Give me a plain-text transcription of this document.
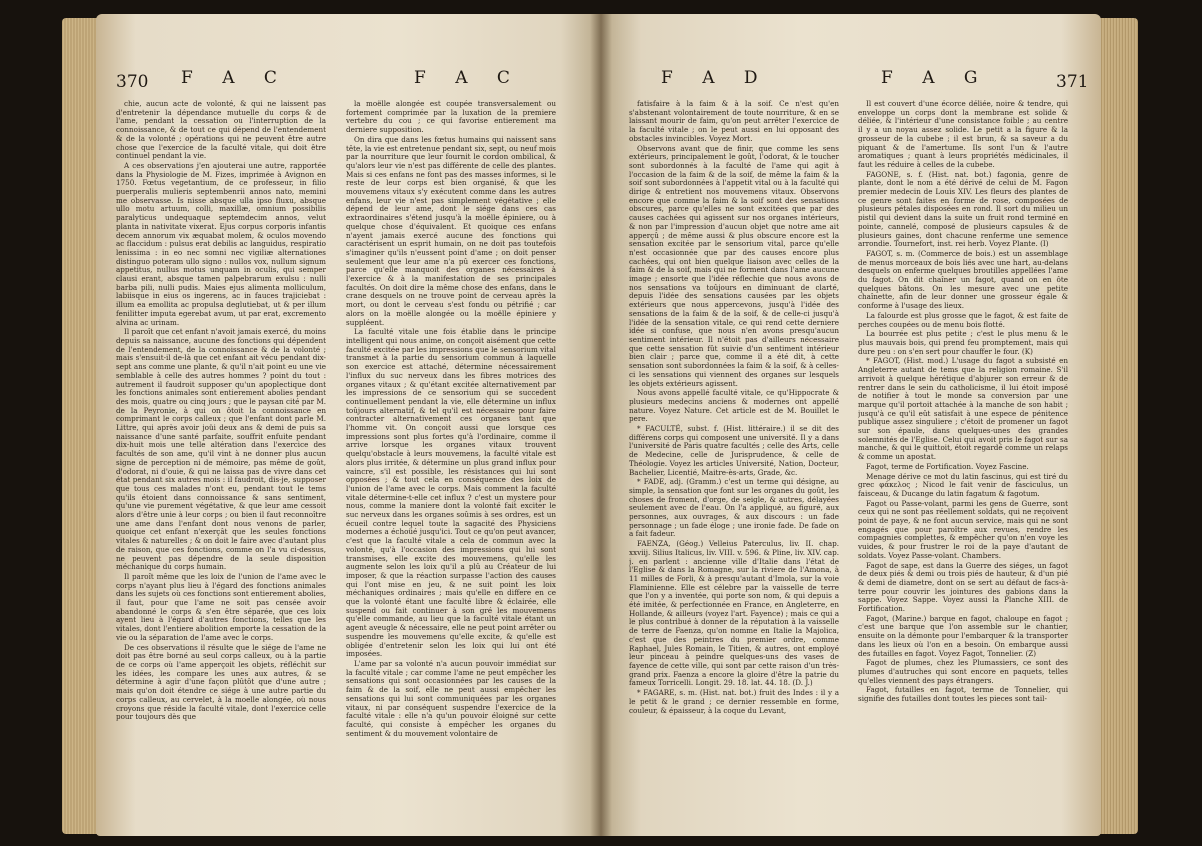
370 F A C	F A C

chie, aucun acte de volonté, & qui ne laissent pas d'entretenir la dépendance mutuelle du corps & de l'ame, pendant la cessation ou l'interruption de la connoissance, & de tout ce qui dépend de l'entendement & de la volonté ; opérations qui ne peuvent être autre chose que l'exercice de la faculté vitale, qui doit être continuel pendant la vie.

A ces observations j'en ajouterai une autre, rapportée dans la Physiologie de M. Fizes, imprimée à Avignon en 1750. Fœtus vegetantium, de ce professeur, in filio puerperalis mulieris septembenrii annos nato, memini me observasse. Is nisse absque ulla ipso fluxu, absque ullo motu artuum, colli, maxillæ, omnium possibilis paralyticus undequaque septemdecim annos, velut planta in nativitate vixerat. Ejus corpus corporis infantis decem annorum vix æquabat molem, & oculos movendo ac flaccidum : pulsus erat debilis ac languidus, respiratio lenissima : in eo nec somni nec vigiliæ alternationes distinguo poteram ullo signo : nullos vox, nullum signum appetitus, nullus motus unquam in oculis, qui semper clausi erant, absque tamen palpebrarum exulsu : nulli barba pili, nulli pudis. Maies ejus alimenta molliculum, labiisque in eius os ingerens, ac in fauces trajiciebat : illum ea emollita ac propulsa deglutiebat, ut & per illum fenilitter imputa egerebat avum, ut par erat, excremento alvina ac urinam.

Il paroît que cet enfant n'avoit jamais exercé, du moins depuis sa naissance, aucune des fonctions qui dépendent de l'entendement, de la connoissance & de la volonté ; mais s'ensuit-il de-là que cet enfant ait vécu pendant dix-sept ans comme une plante, & qu'il n'ait point eu une vie semblable à celle des autres hommes ? point du tout : autrement il faudroit supposer qu'un apoplectique dont les fonctions animales sont entierement abolies pendant des mois, quatre ou cinq jours ; que le paysan cité par M. de la Peyronie, à qui on ôtoit la connoissance en comprimant le corps calleux ; que l'enfant dont parle M. Littre, qui après avoir joüi deux ans & demi de puis sa naissance d'une santé parfaite, souffrit enfuite pendant dix-huit mois une telle altération dans l'exercice des facultés de son ame, qu'il vint à ne donner plus aucun signe de perception ni de mémoire, pas même de goût, d'odorat, ni d'ouie, & qui ne laissa pas de vivre dans cet état pendant six autres mois : il faudroit, dis-je, supposer que tous ces malades n'ont eu, pendant tout le tems qu'ils étoient dans connoissance & sans sentiment, qu'une vie purement végétative, & que leur ame cessoit alors d'être unie à leur corps ; ou bien il faut reconnoître une ame dans l'enfant dont nous venons de parler, quoique cet enfant n'exerçât que les seules fonctions vitales & naturelles ; & on doit le faire avec d'autant plus de raison, que ces fonctions, comme on l'a vu ci-dessus, ne peuvent pas dépendre de la seule disposition méchanique du corps humain.

Il paroît même que les loix de l'union de l'ame avec le corps n'ayant plus lieu à l'égard des fonctions animales dans les sujets où ces fonctions sont entierement abolies, il faut, pour que l'ame ne soit pas censée avoir abandonné le corps & s'en être séparée, que ces loix ayent lieu à l'égard d'autres fonctions, telles que les vitales, dont l'entiere abolition emporte la cessation de la vie ou la séparation de l'ame avec le corps.

De ces observations il résulte que le siége de l'ame ne doit pas être borné au seul corps calleux, ou à la partie de ce corps où l'ame apperçoit les objets, réfléchit sur les idées, les compare les unes aux autres, & se détermine à agir d'une façon plûtôt que d'une autre ; mais qu'on doit étendre ce siége à une autre partie du corps calleux, au cervelet, à la moelle alongée, où nous croyons que réside la faculté vitale, dont l'exercice celle pour toujours dès que

la moëlle alongée est coupée transversalement ou fortement comprimée par la luxation de la premiere vertebre du cou ; ce qui favorise entierement ma derniere supposition.

On dira que dans les fœtus humains qui naissent sans tête, la vie est entretenue pendant six, sept, ou neuf mois par la nourriture que leur fournit le cordon ombilical, & qu'alors leur vie n'est pas différente de celle des plantes. Mais si ces enfans ne font pas des masses informes, si le reste de leur corps est bien organisé, & que les mouvemens vitaux s'y exécutent comme dans les autres enfans, leur vie n'est pas simplement végétative ; elle dépend de leur ame, dont le siége dans ces cas extraordinaires s'étend jusqu'à la moëlle épiniere, ou à quelque chose d'équivalent. Et quoique ces enfans n'ayent jamais exercé aucune des fonctions qui caractérisent un esprit humain, on ne doit pas toutefois s'imaginer qu'ils n'eussent point d'ame ; on doit penser seulement que leur ame n'a pû exercer ces fonctions, parce qu'elle manquoit des organes nécessaires à l'exercice & à la manifestation de ses principales facultés. On doit dire la même chose des enfans, dans le crane desquels on ne trouve point de cerveau après la mort, ou dont le cerveau s'est fondu ou pétrifié ; car alors on la moëlle alongée ou la moëlle épiniere y suppléent.

La faculté vitale une fois établie dans le principe intelligent qui nous anime, on conçoit aisément que cette faculté excitée par les impressions que le sensorium vital transmet à la partie du sensorium commun à laquelle son exercice est attaché, détermine nécessairement l'influx du suc nerveux dans les fibres motrices des organes vitaux ; & qu'étant excitée alternativement par les impressions de ce sensorium qui se succedent continuellement pendant la vie, elle détermine un influx toûjours alternatif, & tel qu'il est nécessaire pour faire contracter alternativement ces organes tant que l'homme vit. On conçoit aussi que lorsque ces impressions sont plus fortes qu'à l'ordinaire, comme il arrive lorsque les organes vitaux trouvent quelqu'obstacle à leurs mouvemens, la faculté vitale est alors plus irritée, & détermine un plus grand influx pour vaincre, s'il est possible, les résistances qui lui sont opposées ; & tout cela en conséquence des loix de l'union de l'ame avec le corps. Mais comment la faculté vitale détermine-t-elle cet influx ? c'est un mystere pour nous, comme la maniere dont la volonté fait exciter le suc nerveux dans les organes soûmis à ses ordres, est un écueil contre lequel toute la sagacité des Physiciens modernes a échoüé jusqu'ici. Tout ce qu'on peut avancer, c'est que la faculté vitale a cela de commun avec la volonté, qu'à l'occasion des impressions qui lui sont transmises, elle excite des mouvemens, qu'elle les augmente selon les loix qu'il a plû au Créateur de lui imposer, & que la réaction surpasse l'action des causes qui l'ont mise en jeu, & ne suit point les loix méchaniques ordinaires ; mais qu'elle en differe en ce que la volonté étant une faculté libre & éclairée, elle suspend ou fait continuer à son gré les mouvemens qu'elle commande, au lieu que la faculté vitale étant un agent aveugle & nécessaire, elle ne peut point arrêter ou suspendre les mouvemens qu'elle excite, & qu'elle est obligée d'entretenir selon les loix qui lui ont été imposées.

L'ame par sa volonté n'a aucun pouvoir immédiat sur la faculté vitale ; car comme l'ame ne peut empêcher les sensations qui sont occasionnées par les causes de la faim & de la soif, elle ne peut aussi empêcher les sensations qui lui sont communiquées par les organes vitaux, ni par conséquent suspendre l'exercice de la faculté vitale : elle n'a qu'un pouvoir éloigné sur cette faculté, qui consiste à empêcher les organes du sentiment & du mouvement volontaire de

F A D	F A G	371

fatisfaire à la faim & à la soif. Ce n'est qu'en s'abstenant volontairement de toute nourriture, & en se laissant mourir de faim, qu'on peut arrêter l'exercice de la faculté vitale ; on le peut aussi en lui opposant des obstacles invincibles. Voyez Mort.

Observons avant que de finir, que comme les sens extérieurs, principalement le goût, l'odorat, & le toucher sont subordonnés à la faculté de l'ame qui agit à l'occasion de la faim & de la soif, de même la faim & la soif sont subordonnées à l'appetit vital ou à la faculté qui dirige & entretient nos mouvemens vitaux. Observons encore que comme la faim & la soif sont des sensations obscures, parce qu'elles ne sont excitées que par des causes cachées qui agissent sur nos organes intérieurs, & non par l'impression d'aucun objet que notre ame ait apperçû ; de même aussi & plus obscure encore est la sensation excitée par le sensorium vital, parce qu'elle n'est occasionnée que par des causes encore plus cachées, qui ont bien quelque liaison avec celles de la faim & de la soif, mais qui ne forment dans l'ame aucune image ; ensorte que l'idée réflechie que nous avons de nos sensations va toûjours en diminuant de clarté, depuis l'idée des sensations causées par les objets extérieurs que nous appercevons, jusqu'à l'idée des sensations de la faim & de la soif, & de celle-ci jusqu'à l'idée de la sensation vitale, ce qui rend cette derniere idée si confuse, que nous n'en avons presqu'aucun sentiment intérieur. Il n'étoit pas d'ailleurs nécessaire que cette sensation fût suivie d'un sentiment intérieur bien clair ; parce que, comme il a été dit, à cette sensation sont subordonnées la faim & la soif, & à celles-ci les sensations qui viennent des organes sur lesquels les objets extérieurs agissent.

Nous avons appellé faculté vitale, ce qu'Hippocrate & plusieurs medecins anciens & modernes ont appellé nature. Voyez Nature. Cet article est de M. Bouillet le pere.

* FACULTÉ, subst. f. (Hist. littéraire.) il se dit des différens corps qui composent une université. Il y a dans l'université de Paris quatre facultés ; celle des Arts, celle de Medecine, celle de Jurisprudence, & celle de Théologie. Voyez les articles Université, Nation, Docteur, Bachelier, Licentié, Maitre-ès-arts, Grade, &c.

* FADE, adj. (Gramm.) c'est un terme qui désigne, au simple, la sensation que font sur les organes du goût, les choses de froment, d'orge, de seigle, & autres, délayées seulement avec de l'eau. On l'a appliqué, au figuré, aux personnes, aux ouvrages, & aux discours : un fade personnage ; un fade éloge ; une ironie fade. De fade on a fait fadeur.

FAENZA, (Géog.) Velleius Paterculus, liv. II. chap. xxviij. Silius Italicus, liv. VIII. v. 596. & Pline, liv. XIV. cap. j. en parlent : ancienne ville d'Italie dans l'état de l'Eglise & dans la Romagne, sur la riviere de l'Amona, à 11 milles de Forli, & à presqu'autant d'Imola, sur la voie Flaminienne. Elle est célebre par la vaisselle de terre que l'on y a inventée, qui porte son nom, & qui depuis a été imitée, & perfectionnée en France, en Angleterre, en Hollande, & ailleurs (voyez l'art. Fayence) ; mais ce qui a le plus contribué à donner de la réputation à la vaisselle de terre de Faenza, qu'on nomme en Italie la Majolica, c'est que des peintres du premier ordre, comme Raphael, Jules Romain, le Titien, & autres, ont employé leur pinceau à peindre quelques-uns des vases de fayence de cette ville, qui sont par cette raison d'un très-grand prix. Faenza a encore la gloire d'être la patrie du fameux Torricelli. Longit. 29. 18. lat. 44. 18. (D. J.)

* FAGARE, s. m. (Hist. nat. bot.) fruit des Indes : il y a le petit & le grand ; ce dernier ressemble en forme, couleur, & épaisseur, à la coque du Levant,

Il est couvert d'une écorce déliée, noire & tendre, qui enveloppe un corps dont la membrane est solide & déliée, & l'intérieur d'une consistance foible ; au centre il y a un noyau assez solide. Le petit a la figure & la grosseur de la cubebe ; il est brun, & sa saveur a du piquant & de l'amertume. Ils sont l'un & l'autre aromatiques ; quant à leurs propriétés médicinales, il faut les réduire à celles de la cubebe.

FAGONE, s. f. (Hist. nat. bot.) fagonia, genre de plante, dont le nom a été dérivé de celui de M. Fagon premier medecin de Louis XIV. Les fleurs des plantes de ce genre sont faites en forme de rose, composées de plusieurs pétales disposées en rond. Il sort du milieu un pistil qui devient dans la suite un fruit rond terminé en pointe, cannelé, composé de plusieurs capsules & de plusieurs gaines, dont chacune renferme une semence arrondie. Tournefort, inst. rei herb. Voyez Plante. (I)

FAGOT, s. m. (Commerce de bois.) est un assemblage de menus morceaux de bois liés avec une hart, au-delans desquels on enferme quelques broutilles appellées l'ame du fagot. On dit chaîner un fagot, quand on en ôte quelques bâtons. On les mesure avec une petite chaînette, afin de leur donner une grosseur égale & conforme à l'usage des lieux.

La falourde est plus grosse que le fagot, & est faite de perches coupées ou de menu bois flotté.

La bourrée est plus petite ; c'est le plus menu & le plus mauvais bois, qui prend feu promptement, mais qui dure peu : on s'en sert pour chauffer le four. (K)

* FAGOT, (Hist. mod.) L'usage du fagot a subsisté en Angleterre autant de tems que la religion romaine. S'il arrivoit à quelque hérétique d'abjurer son erreur & de rentrer dans le sein du catholicisme, il lui étoit imposé de notifier à tout le monde sa conversion par une marque qu'il portoit attachée à la manche de son habit ; jusqu'à ce qu'il eût satisfait à une espece de pénitence publique assez singuliere ; c'étoit de promener un fagot sur son épaule, dans quelques-unes des grandes solemnités de l'Eglise. Celui qui avoit pris le fagot sur sa manche, & qui le quittoit, étoit regardé comme un relaps & comme un apostat.

Fagot, terme de Fortification. Voyez Fascine.

Menage dérive ce mot du latin fascinus, qui est tiré du grec φάκελος ; Nicod le fait venir de fasciculus, un faisceau, & Ducange du latin fagatum & fagotum.

Fagot ou Passe-volant, parmi les gens de Guerre, sont ceux qui ne sont pas réellement soldats, qui ne reçoivent point de paye, & ne font aucun service, mais qui ne sont engagés que pour paroître aux revues, rendre les compagnies complettes, & empêcher qu'on n'en voye les vuides, & pour frustrer le roi de la paye d'autant de soldats. Voyez Passe-volant. Chambers.

Fagot de sape, est dans la Guerre des siéges, un fagot de deux piés & demi ou trois piés de hauteur, & d'un pié & demi de diametre, dont on se sert au défaut de facs-à-terre pour couvrir les jointures des gabions dans la sappe. Voyez Sappe. Voyez aussi la Planche XIII. de Fortification.

Fagot, (Marine.) barque en fagot, chaloupe en fagot ; c'est une barque que l'on assemble sur le chantier, ensuite on la démonte pour l'embarquer & la transporter dans les lieux où l'on en a besoin. On embarque aussi des futailles en fagot. Voyez Fagot, Tonnelier. (Z)

Fagot de plumes, chez les Plumassiers, ce sont des plumes d'autruches qui sont encore en paquets, telles qu'elles viennent des pays étrangers.

Fagot, futailles en fagot, terme de Tonnelier, qui signifie des futailles dont toutes les pieces sont tail-
